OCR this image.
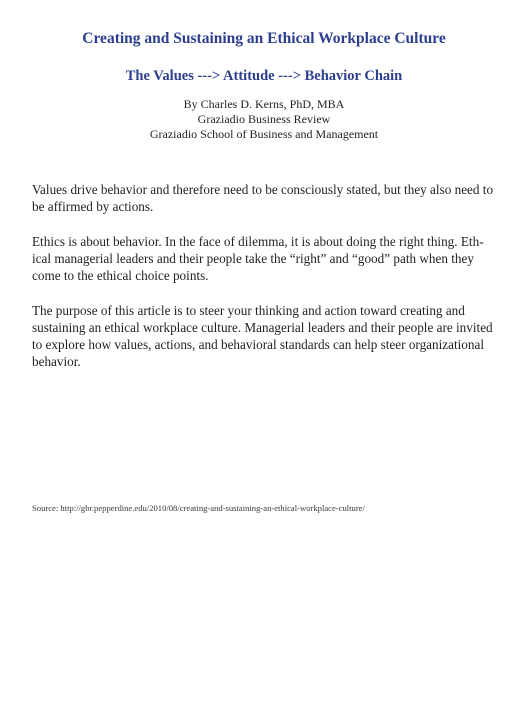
Creating and Sustaining an Ethical Workplace Culture
The Values ---> Attitude ---> Behavior Chain
By Charles D. Kerns, PhD, MBA
Graziadio Business Review
Graziadio School of Business and Management

Values drive behavior and therefore need to be consciously stated, but they also need to be affirmed by actions.

Ethics is about behavior. In the face of dilemma, it is about doing the right thing. Ethical managerial leaders and their people take the “right” and “good” path when they come to the ethical choice points.

The purpose of this article is to steer your thinking and action toward creating and sustaining an ethical workplace culture. Managerial leaders and their people are invited to explore how values, actions, and behavioral standards can help steer organizational behavior.

Source: http://gbr.pepperdine.edu/2010/08/creating-and-sustaining-an-ethical-workplace-culture/
